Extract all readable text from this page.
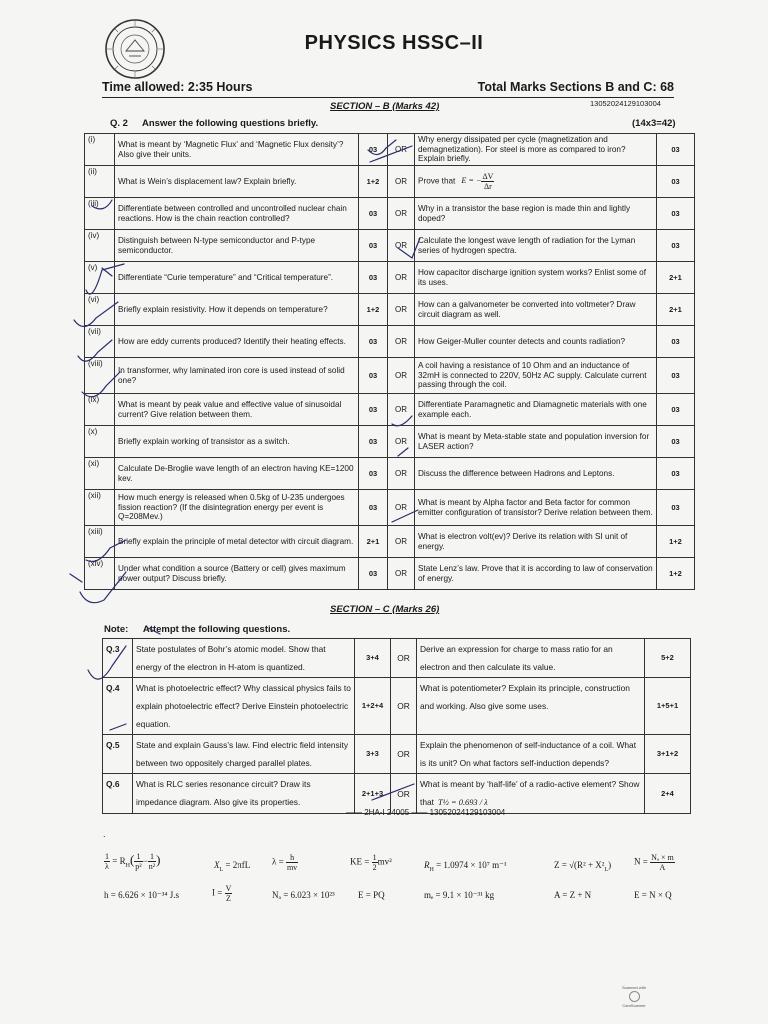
PHYSICS HSSC–II
Time allowed: 2:35 Hours	Total Marks Sections B and C: 68
SECTION – B (Marks 42)	13052024129103004
Q. 2 Answer the following questions briefly.	(14x3=42)
(i)	What is meant by ‘Magnetic Flux’ and ‘Magnetic Flux density’? Also give their units.	03	OR	Why energy dissipated per cycle (magnetization and demagnetization). For steel is more as compared to iron? Explain briefly.	03
(ii)	What is Wein’s displacement law? Explain briefly.	1+2	OR	Prove that E = − $\frac{\Delta V}{\Delta r}$	03
(iii)	Differentiate between controlled and uncontrolled nuclear chain reactions. How is the chain reaction controlled?	03	OR	Why in a transistor the base region is made thin and lightly doped?	03
(iv)	Distinguish between N-type semiconductor and P-type semiconductor.	03	OR	Calculate the longest wave length of radiation for the Lyman series of hydrogen spectra.	03
(v)	Differentiate “Curie temperature” and “Critical temperature”.	03	OR	How capacitor discharge ignition system works? Enlist some of its uses.	2+1
(vi)	Briefly explain resistivity. How it depends on temperature?	1+2	OR	How can a galvanometer be converted into voltmeter? Draw circuit diagram as well.	2+1
(vii)	How are eddy currents produced? Identify their heating effects.	03	OR	How Geiger-Muller counter detects and counts radiation?	03
(viii)	In transformer, why laminated iron core is used instead of solid one?	03	OR	A coil having a resistance of 10 Ohm and an inductance of 32mH is connected to 220V, 50Hz AC supply. Calculate current passing through the coil.	03
(ix)	What is meant by peak value and effective value of sinusoidal current? Give relation between them.	03	OR	Differentiate Paramagnetic and Diamagnetic materials with one example each.	03
(x)	Briefly explain working of transistor as a switch.	03	OR	What is meant by Meta-stable state and population inversion for LASER action?	03
(xi)	Calculate De-Broglie wave length of an electron having KE=1200 kev.	03	OR	Discuss the difference between Hadrons and Leptons.	03
(xii)	How much energy is released when 0.5kg of U-235 undergoes fission reaction? (If the disintegration energy per event is Q=208Mev.)	03	OR	What is meant by Alpha factor and Beta factor for common emitter configuration of transistor? Derive relation between them.	03
(xiii)	Briefly explain the principle of metal detector with circuit diagram.	2+1	OR	What is electron volt(ev)? Derive its relation with SI unit of energy.	1+2
(xiv)	Under what condition a source (Battery or cell) gives maximum power output? Discuss briefly.	03	OR	State Lenz’s law. Prove that it is according to law of conservation of energy.	1+2
SECTION – C (Marks 26)
Note: Attempt the following questions.
Q.3	State postulates of Bohr’s atomic model. Show that energy of the electron in H-atom is quantized.	3+4	OR	Derive an expression for charge to mass ratio for an electron and then calculate its value.	5+2
Q.4	What is photoelectric effect? Why classical physics fails to explain photoelectric effect? Derive Einstein photoelectric equation.	1+2+4	OR	What is potentiometer? Explain its principle, construction and working. Also give some uses.	1+5+1
Q.5	State and explain Gauss’s law. Find electric field intensity between two oppositely charged parallel plates.	3+3	OR	Explain the phenomenon of self-inductance of a coil. What is its unit? On what factors self-induction depends?	3+1+2
Q.6	What is RLC series resonance circuit? Draw its impedance diagram. Also give its properties.	2+1+3	OR	What is meant by ‘half-life’ of a radio-active element? Show that T½ = 0.693 / λ	2+4
—— 2HA-I 24005 —— 13052024129103004
.
$\frac{1}{\lambda} = R_H( \frac{1}{\text{p²}} - \frac{1}{\text{n²}}$ )	$X_L = 2\pi fL$ $\lambda = \frac{h}{mv}$	KE = $\frac{1}{2} mv^2$	$R_H = 1.0974 \times 10^7$ m⁻¹	$Z = √(R^2 + X^2_L)$	$N = \frac{\text{Nₐ × m}}{A}$
h = 6.626 × 10⁻³⁴ J.s	$I = \frac{V}{Z}$	Nₐ = 6.023 × 10²³	E = PQ	mₑ = 9.1 × 10⁻³¹ kg	A = Z + N	E = N × Q
Scanned with
CamScanner
